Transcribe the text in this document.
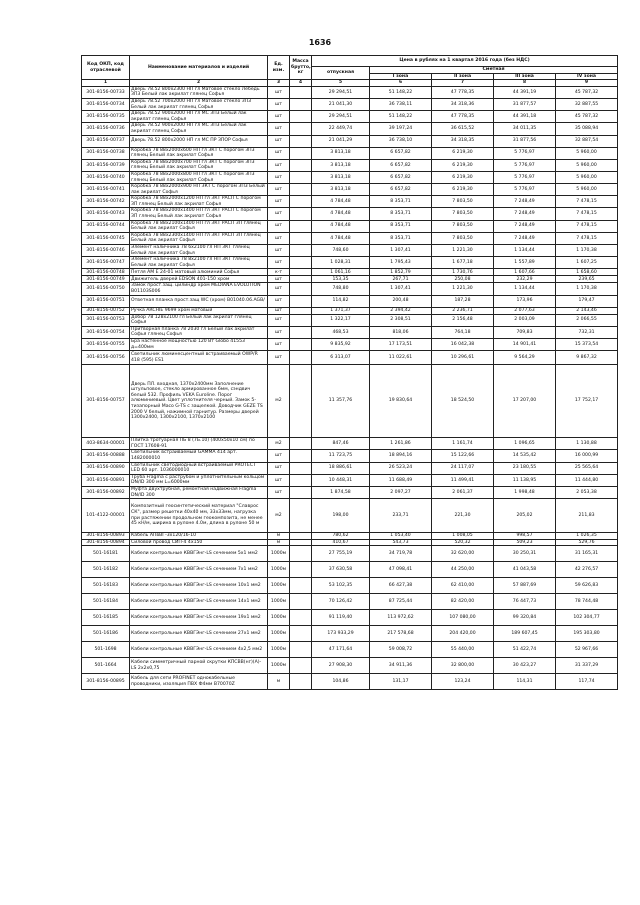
1636
Код ОКП, код отраслевой	Наименование материалов и изделий	Ед. изм.	Масса брутто, кг	Цена в рублях на 1 квартал 2016 года (без НДС)				
				отпускная	Сметная			
					I зона	II зона	III зона	IV зона
1	2	3	4	5	6	7	8	9
301-8156-00733	Дверь 78.52 800х2300 НП гл Матовое стекло Лебедь ЗП3 Белый лак акрилат глянец Софья	шт		29 294,51	51 148,22	47 778,35	44 391,19	45 787,32
301-8156-00734	Дверь 78.52 700х2000 НП гл Матовое стекло ЗП3 Белый лак акрилат глянец Софья	шт		21 041,30	36 738,11	34 318,36	31 877,57	32 887,55
301-8156-00735	Дверь 78.52 900х2000 НП гл МС ЗП3 Белый лак акрилат глянец Софья	шт		29 294,51	51 148,22	47 778,35	44 391,18	45 787,32
301-8156-00736	Дверь 78.52 900х2000 НП гл МС ЗП3 Белый лак акрилат глянец Софья	шт		22 449,74	39 197,24	36 615,52	34 011,35	35 088,94
301-8156-00737	Дверь 78.52 800х2000 НП гл МС ПР ЗПОР Софья	шт		21 041,29	36 738,10	34 318,35	31 877,56	32 887,54
301-8156-00738	Коробка 78 88х2000х600 НП гл ЗКТ С порогом ЗП3 глянец Белый лак акрилат Софья	шт		3 813,18	6 657,82	6 219,30	5 776,97	5 960,00
301-8156-00739	Коробка 78 88х2000х700 НП гл ЗКТ С порогом ЗП3 глянец Белый лак акрилат Софья	шт		3 813,18	6 657,82	6 219,30	5 776,97	5 960,00
301-8156-00740	Коробка 78 88х2000х800 НП гл ЗКТ С порогом ЗП3 глянец Белый лак акрилат Софья	шт		3 813,18	6 657,82	6 219,30	5 776,97	5 960,00
301-8156-00741	Коробка 78 88х2000х900 НП ЗКТ С порогом ЗП3 Белый лак акрилат Софья	шт		3 813,18	6 657,82	6 219,30	5 776,97	5 960,00
301-8156-00742	Коробка 78 88х2000х1200 НП гл ЗКТ РАСП С порогом ЗП глянец Белый лак акрилат Софья	шт		4 784,48	8 353,71	7 803,50	7 248,49	7 478,15
301-8156-00743	Коробка 78 88х2000х1400 НП гл ЗКТ РАСП С порогом ЗП глянец Белый лак акрилат Софья	шт		4 784,48	8 353,71	7 803,50	7 248,49	7 478,15
301-8156-00744	Коробка 78 88х2100х1400 НП гл ЗКТ РАСП ЗП глянец Белый лак акрилат Софья	шт		4 784,48	8 353,71	7 803,50	7 248,49	7 478,15
301-8156-00745	Коробка 78 88х2300х1400 НП гл ЗКТ РАСП ЗП глянец Белый лак акрилат Софья	шт		4 784,48	8 353,71	7 803,50	7 248,49	7 478,15
301-8156-00746	Элемент наличника 78 6х2100 гл НП ЗКТ глянец Белый лак акрилат Софья	шт		748,60	1 307,41	1 221,30	1 134,44	1 170,38
301-8156-00747	Элемент наличника 78 8х2100 гл НП ЗКТ глянец Белый лак акрилат Софья	шт		1 028,31	1 795,43	1 677,18	1 557,89	1 607,25
301-8156-00748	Петля АМ Е 24-01 матовый алюминий Софья	к-т		1 061,16	1 852,79	1 730,76	1 607,66	1 658,60
301-8156-00749	Движитель дверей EDSON 401-150 хром	шт		153,35	267,71	250,08	232,29	239,65
301-8156-00750	Замок прост.защ. цилиндр хром MEDIANA EVOLUTION B01103S006	шт		748,80	1 307,41	1 221,30	1 134,44	1 170,38
301-8156-00751	Ответная планка прост.защ WC (хром) B01040.06.AGB/	шт		114,82	200,48	187,28	173,96	179,47
301-8156-00752	Ручка ARCHIE 9699 хром матовый	шт		1 371,37	2 394,42	2 236,71	2 077,63	2 143,46
301-8156-00753	Добор 78 128х2100 гл Белый лак акрилат глянец Софья	шт		1 322,17	2 308,51	2 156,48	2 003,09	2 066,55
301-8156-00754	Притворная планка 78 2030 гл Белый лак акрилат Софья глянец Софья	шт		468,53	818,06	764,18	709,83	732,31
301-8156-00755	Бра настенное мощностью 120 Вт Globo 41553 д=400мм	шт		9 835,92	17 173,51	16 042,38	14 901,41	15 373,54
301-8156-00756	Светильник люминесцентный встраиваемый OWP/R 418 (595) ES1	шт		6 313,07	11 022,61	10 296,61	9 564,29	9 867,32
301-8156-00757	Дверь ПЛ. входная, 1370х2400мм Заполнение штульповое, стекло армированное 6мм, сэндвич белый 532. Профиль VEKA Euroline. Порог алюминиевый. Цвет уплотнителя черный. Замок 5-тизапорный Maco G-TS с защелкой. Доводчик GEZE TS 2000 V белый, нажимной гарнитур. Размеры дверей 1300х2400, 1300х2100, 1370х2100	м2		11 357,76	19 830,64	18 524,50	17 207,00	17 752,17
403-8634-00001	Плитка тротуарная ПБ 8 (7Б.10) (400х50х10 см) по ГОСТ 17608-91	м2		847,46	1 261,86	1 161,74	1 096,65	1 130,88
301-8156-00888	Светильник встраиваемый GAMMA 414 арт. 1482000010	шт		11 723,75	18 894,16	15 122,66	14 535,42	16 000,99
301-8156-00890	Светильник светодиодный встраиваемый PROTECT LED 60 арт. 1036000010	шт		18 886,61	26 523,24	24 117,07	23 180,55	25 565,64
301-8156-00891	Труба Fragma с раструбом и уплотнительным кольцом DN/ID 300 мм L=6000мм	шт		10 448,31	11 688,49	11 499,41	11 138,95	11 444,80
301-8156-00892	Муфта двухтрубная, ремонтная надвижная Fragma DN/ID 300	шт		1 874,58	2 097,27	2 061,37	1 998,48	2 053,38
101-4122-00001	Композитный геосинтетический материал "Славрос СК", размер решетки 40х40 мм, 33х33мм, нагрузка при растяжении продольном геокомпозита, не менее 45 кН/м, ширина в рулоне 4.0м, длина в рулоне 50 м	м2		198,00	233,71	221,30	205,02	211,83
301-8156-00893	Кабель АПвВГ-3х120/16-10	м		780,62	1 053,40	1 008,05	998,57	1 026,35
301-8156-00894	Силовой провод СИП-4 4х150	м		410,67	543,73	520,32	509,23	529,76
501-16181	Кабели контрольные КВВГЭнг-LS сечением 5х1 мм2	1000м		27 755,19	34 719,78	32 620,00	30 250,31	31 165,31
501-16182	Кабели контрольные КВВГЭнг-LS сечением 7х1 мм2	1000м		37 630,58	47 098,41	44 250,00	41 043,58	42 276,57
501-16183	Кабели контрольные КВВГЭнг-LS сечением 10х1 мм2	1000м		53 102,35	66 427,38	62 410,00	57 887,69	59 626,83
501-16184	Кабели контрольные КВВГЭнг-LS сечением 14х1 мм2	1000м		70 126,42	87 725,44	82 420,00	76 447,73	78 744,48
501-16185	Кабели контрольные КВВГЭнг-LS сечением 19х1 мм2	1000м		91 119,40	113 972,62	107 080,00	99 320,84	102 304,77
501-16186	Кабели контрольные КВВГЭнг-LS сечением 27х1 мм2	1000м		173 933,29	217 578,68	204 420,00	189 607,45	195 303,80
501-1698	Кабели контрольные КВВГЭнг-LS сечением 4х2,5 мм2	1000м		47 171,64	59 008,72	55 440,00	51 422,74	52 967,66
501-1664	Кабели симметричный парной скрутки КПСВВ(нг)(А)-LS 2х2х0,75	1000м		27 908,30	34 911,36	32 800,00	30 423,27	31 337,29
301-8156-00895	Кабель для сети PROFINET однокабельные проводники, изоляция ПВХ Ф4мм B70070Z	м		104,86	131,17	123,24	114,31	117,74
